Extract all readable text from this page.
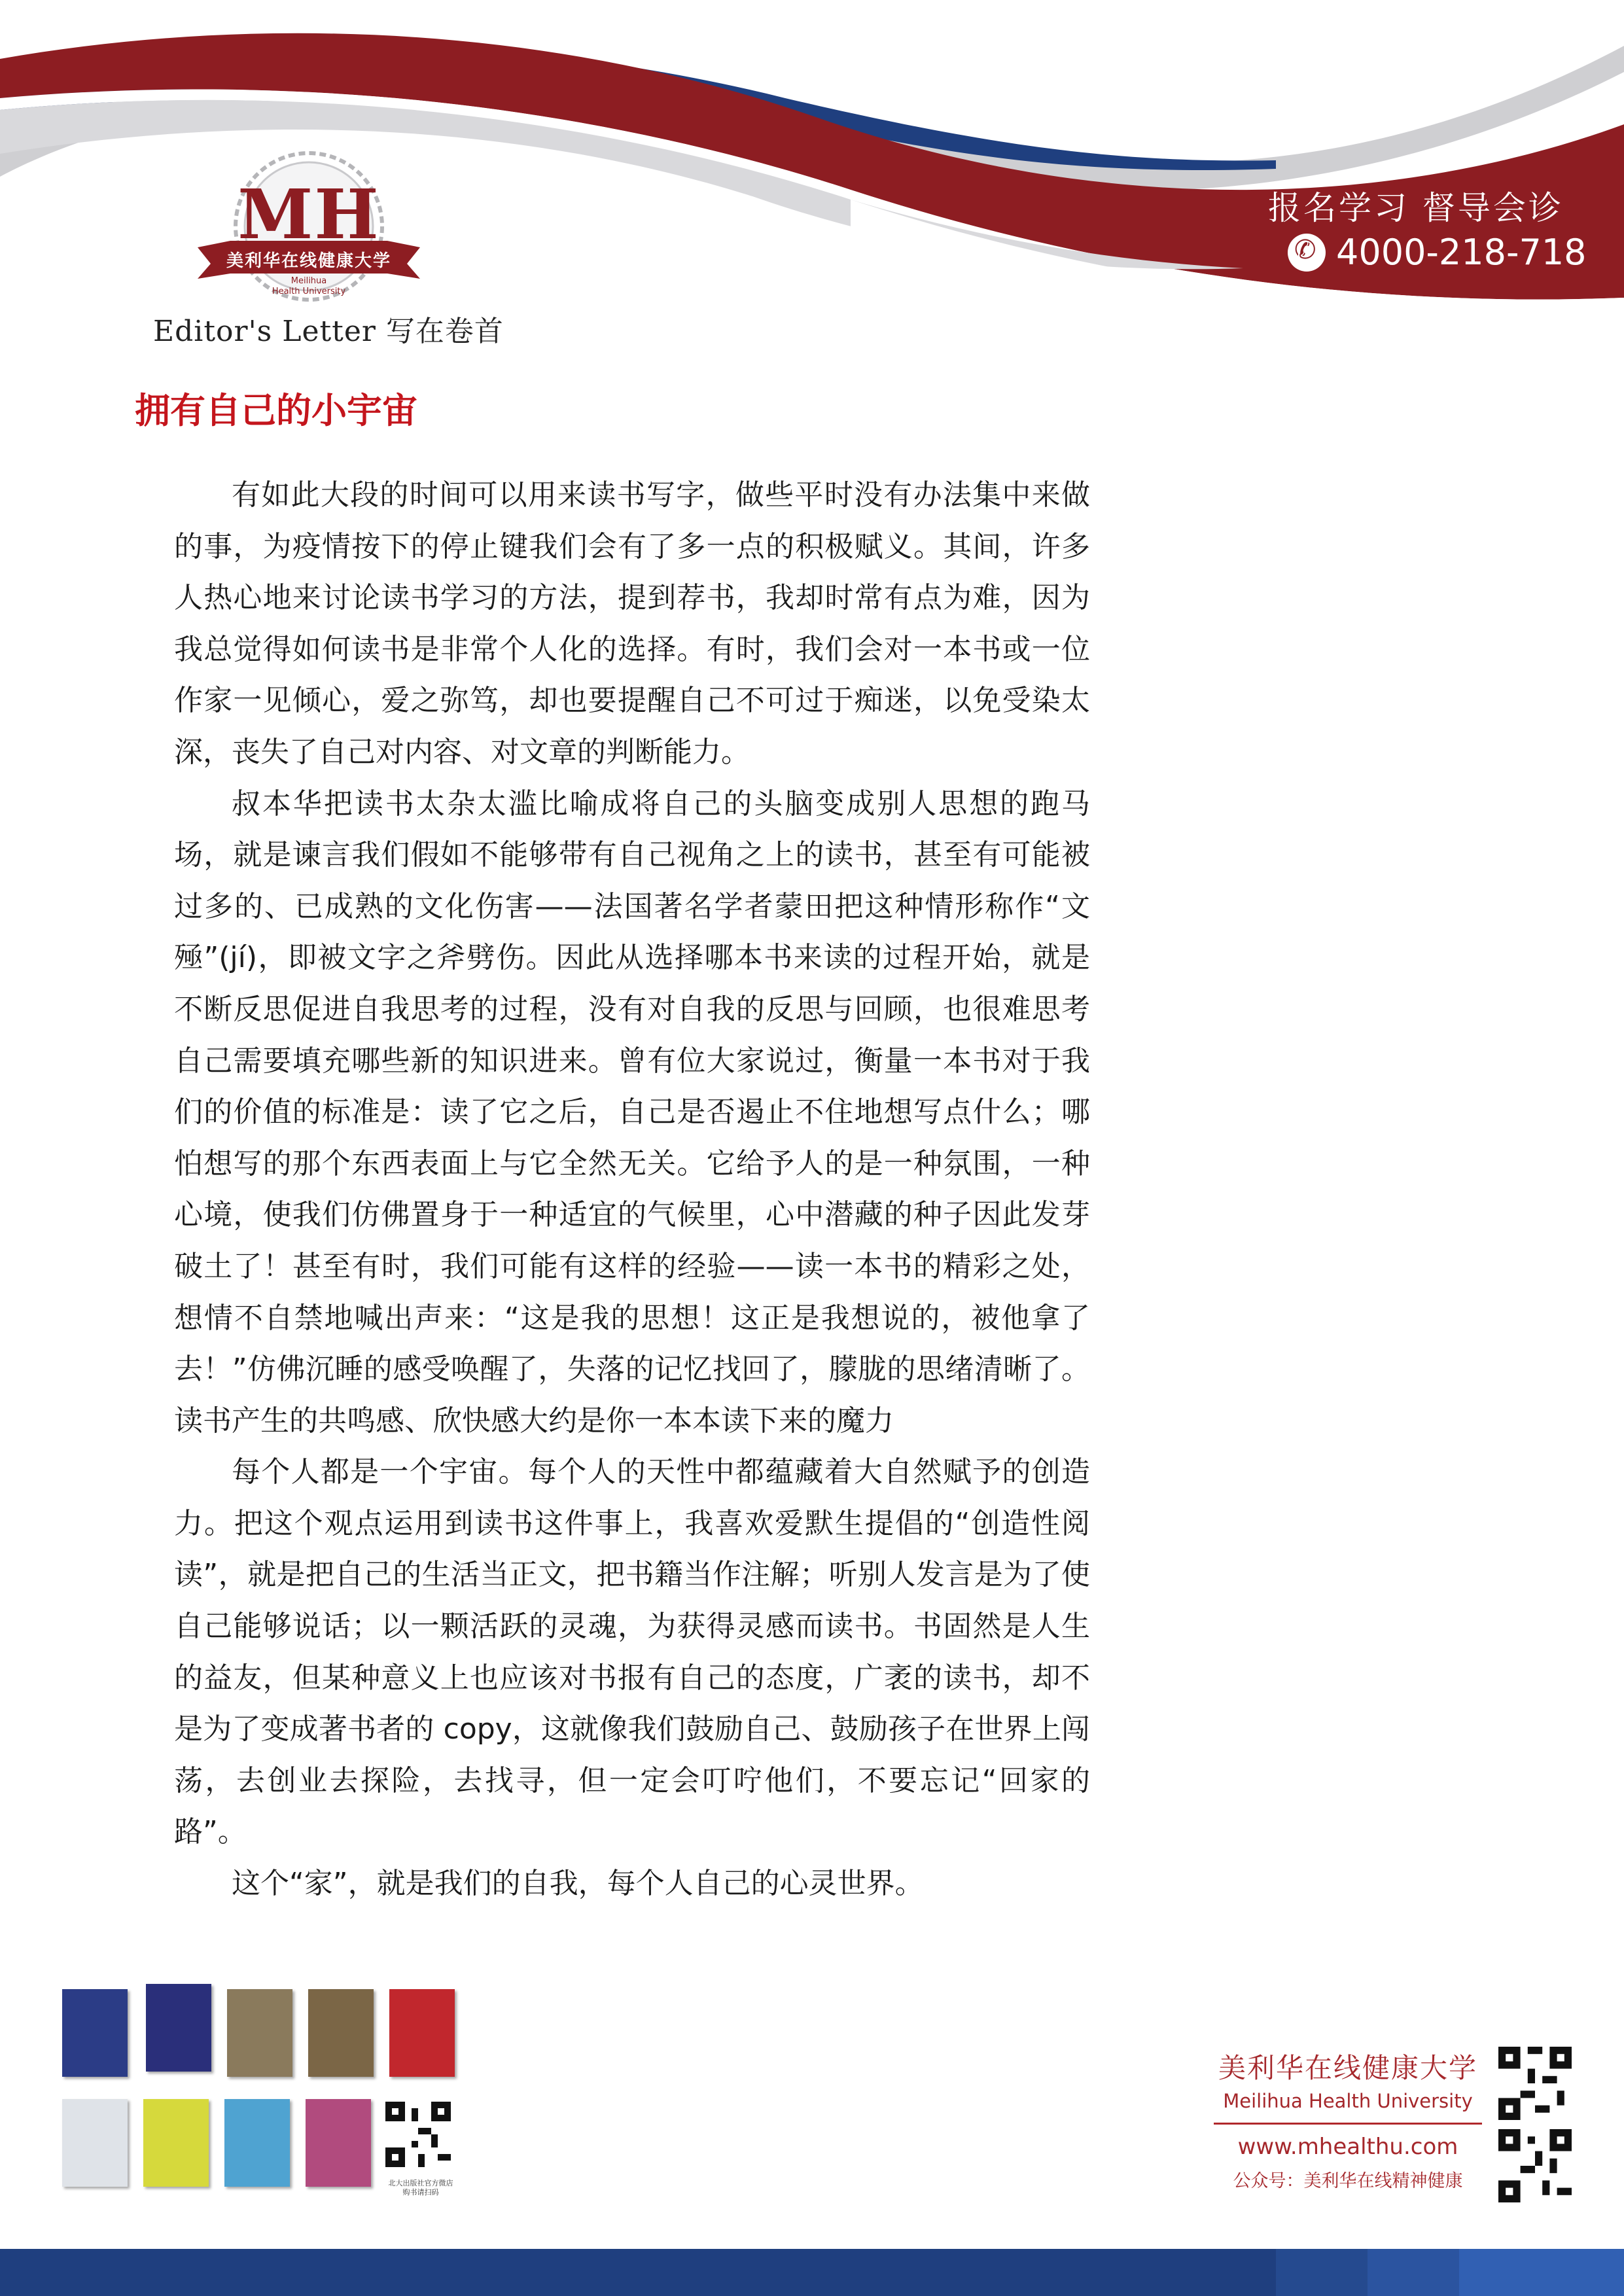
MH
美利华在线健康大学
Meilihua
Health University
Editor's Letter 写在卷首
报名学习 督导会诊
✆
4000-218-718
拥有自己的小宇宙

有如此大段的时间可以用来读书写字，做些平时没有办法集中来做的事，为疫情按下的停止键我们会有了多一点的积极赋义。其间，许多人热心地来讨论读书学习的方法，提到荐书，我却时常有点为难，因为我总觉得如何读书是非常个人化的选择。有时，我们会对一本书或一位作家一见倾心，爱之弥笃，却也要提醒自己不可过于痴迷，以免受染太深，丧失了自己对内容、对文章的判断能力。

叔本华把读书太杂太滥比喻成将自己的头脑变成别人思想的跑马场，就是谏言我们假如不能够带有自己视角之上的读书，甚至有可能被过多的、已成熟的文化伤害——法国著名学者蒙田把这种情形称作“文殛”(jí)，即被文字之斧劈伤。因此从选择哪本书来读的过程开始，就是不断反思促进自我思考的过程，没有对自我的反思与回顾，也很难思考自己需要填充哪些新的知识进来。曾有位大家说过，衡量一本书对于我们的价值的标准是：读了它之后，自己是否遏止不住地想写点什么；哪怕想写的那个东西表面上与它全然无关。它给予人的是一种氛围，一种心境，使我们仿佛置身于一种适宜的气候里，心中潜藏的种子因此发芽破土了！甚至有时，我们可能有这样的经验——读一本书的精彩之处，想情不自禁地喊出声来：“这是我的思想！这正是我想说的，被他拿了去！”仿佛沉睡的感受唤醒了，失落的记忆找回了，朦胧的思绪清晰了。读书产生的共鸣感、欣快感大约是你一本本读下来的魔力

每个人都是一个宇宙。每个人的天性中都蕴藏着大自然赋予的创造力。把这个观点运用到读书这件事上，我喜欢爱默生提倡的“创造性阅读”，就是把自己的生活当正文，把书籍当作注解；听别人发言是为了使自己能够说话；以一颗活跃的灵魂，为获得灵感而读书。书固然是人生的益友，但某种意义上也应该对书报有自己的态度，广袤的读书，却不是为了变成著书者的 copy，这就像我们鼓励自己、鼓励孩子在世界上闯荡，去创业去探险，去找寻，但一定会叮咛他们，不要忘记“回家的路”。

这个“家”，就是我们的自我，每个人自己的心灵世界。

北大出版社官方微店
购书请扫码
美利华在线健康大学
Meilihua Health University
www.mhealthu.com
公众号：美利华在线精神健康
